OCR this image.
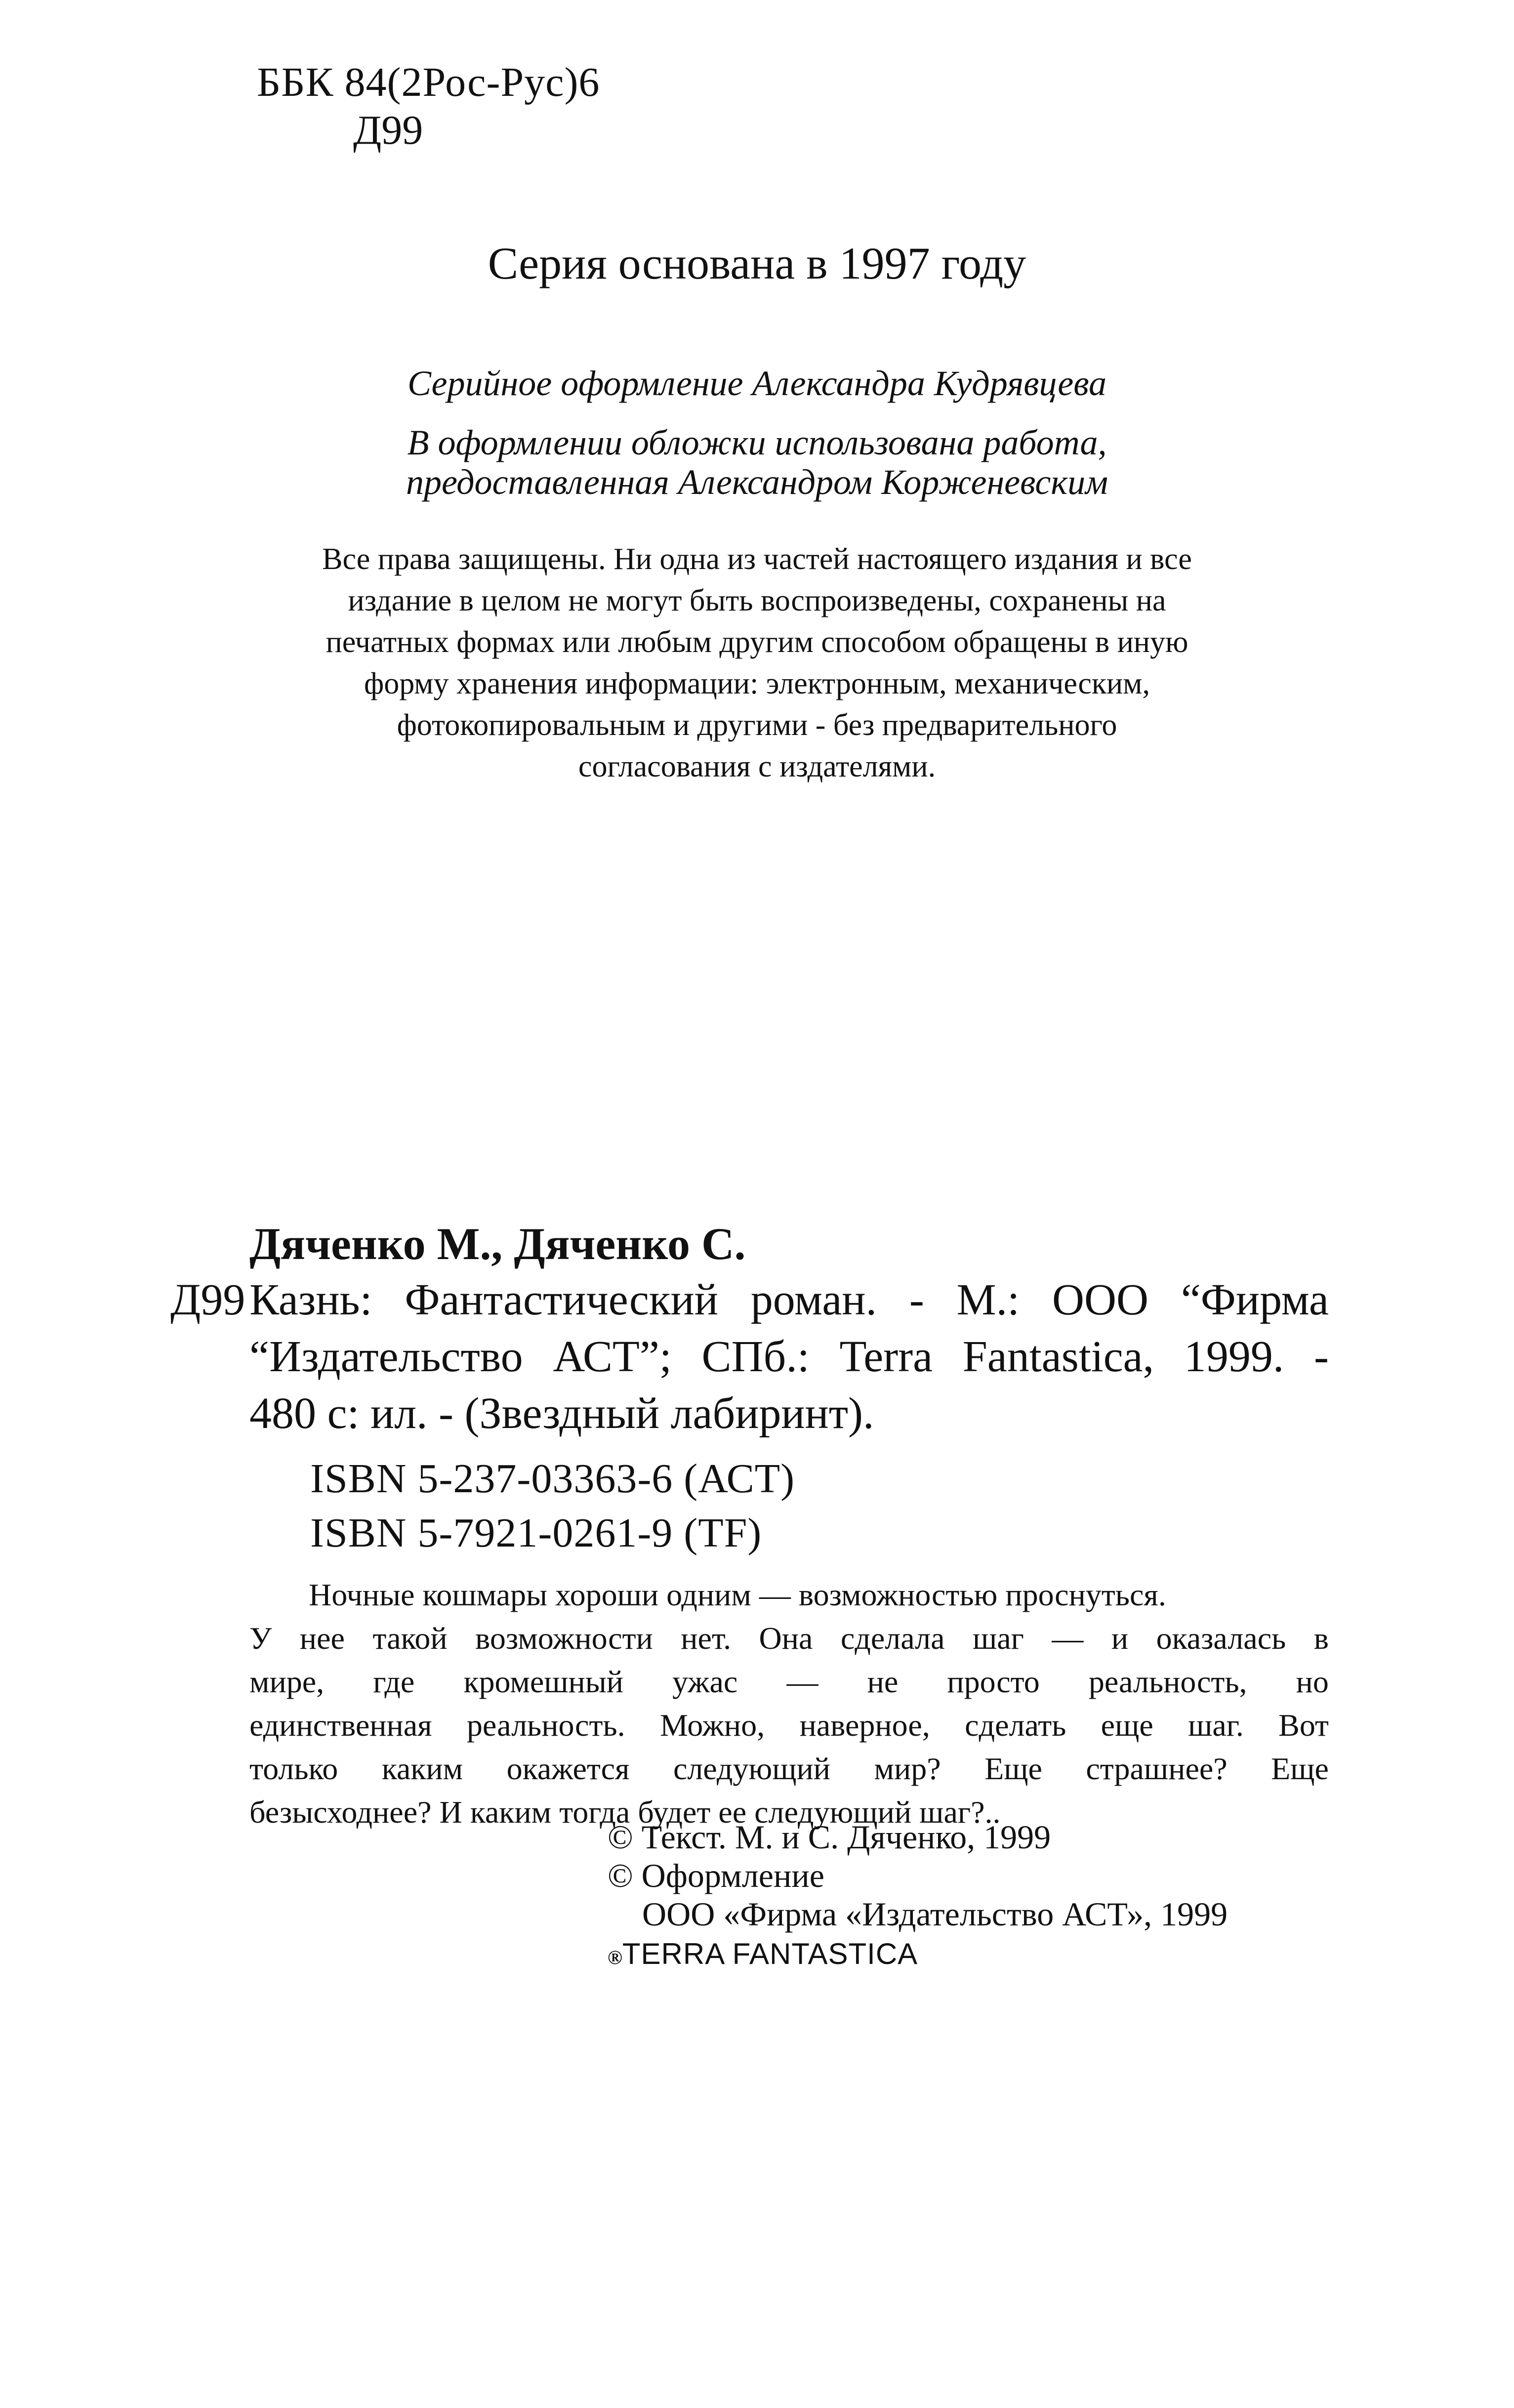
ББК 84(2Рос-Рус)6
Д99
Серия основана в 1997 году
Серийное оформление Александра Кудрявцева
В оформлении обложки использована работа,
предоставленная Александром Корженевским
Все права защищены. Ни одна из частей настоящего издания и все
издание в целом не могут быть воспроизведены, сохранены на
печатных формах или любым другим способом обращены в иную
форму хранения информации: электронным, механическим,
фотокопировальным и другими - без предварительного
согласования с издателями.
Дяченко М., Дяченко С.
Д99 Казнь: Фантастический роман. - М.: ООО “Фирма
“Издательство АСТ”; СПб.: Terra Fantastica, 1999. -
480 с: ил. - (Звездный лабиринт).
ISBN 5-237-03363-6 (АСТ)
ISBN 5-7921-0261-9 (TF)
Ночные кошмары хороши одним — возможностью проснуться.
У нее такой возможности нет. Она сделала шаг — и оказалась в
мире, где кромешный ужас — не просто реальность, но
единственная реальность. Можно, наверное, сделать еще шаг. Вот
только каким окажется следующий мир? Еще страшнее? Еще
безысходнее? И каким тогда будет ее следующий шаг?..
© Текст. М. и С. Дяченко, 1999
© Оформление
ООО «Фирма «Издательство АСТ», 1999
®TERRA FANTASTICA
